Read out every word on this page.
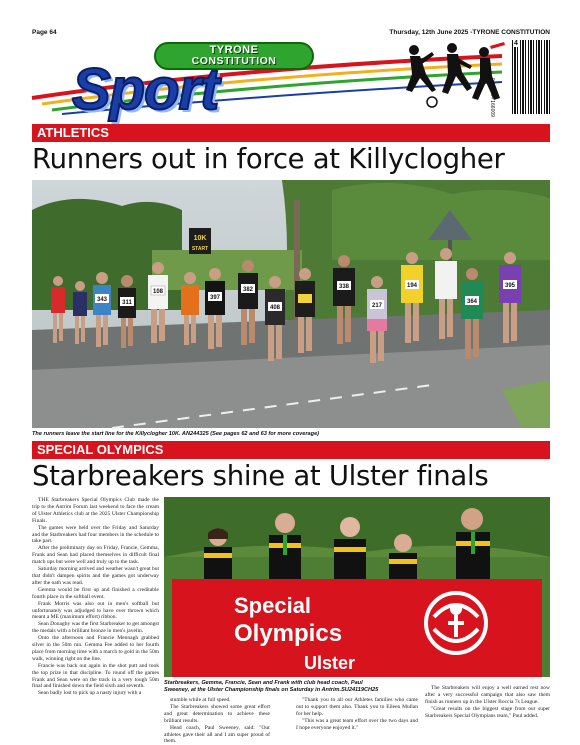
Page 64	Thursday, 12th June 2025 -TYRONE CONSTITUTION
TYRONE
CONSTITUTION
Sport
4
9 771364 166009
ATHLETICS
Runners out in force at Killyclogher
10K
START
343	311
108
397
382
408
338
217
194
364
395
The runners leave the start line for the Killyclogher 10K. AN244325 (See pages 62 and 63 for more coverage)
SPECIAL OLYMPICS
Starbreakers shine at Ulster finals

THE Starbreakers Special Olympics Club made the trip to the Antrim Forum last weekend to face the cream of Ulster Athletics club at the 2025 Ulster Championship Finals.

The games were held over the Friday and Saturday and the Starbreakers had four members in the schedule to take part.

After the preliminary day on Friday, Francie, Gemma, Frank and Sean had placed themselves in difficult final match ups but were well and truly up to the task.

Saturday morning arrived and weather wasn't great but that didn't dampen spirits and the games got underway after the oath was read.

Gemma would be first up and finished a creditable fourth place in the softball event.

Frank Morris was also out in men's softball but unfortunately was adjudged to have over thrown which meant a ME (maximum effort) ribbon.

Sean Donaghy was the first Starbreaker to get amongst the medals with a brilliant bronze in men's javelin.

Onto the afternoon and Francie Mennagh grabbed silver in the 50m run. Gemma Fee added to her fourth place from morning time with a march to gold in the 50m walk, winning right on the line.

Francie was back out again in the shot putt and took the top prize in that discipline. To round off the games Frank and Sean were on the track in a very tough 50m final and finished down the field sixth and seventh.

Sean badly lost to pick up a nasty injury with a

Special
Olympics
Ulster
Starbreakers, Gemma, Francie, Sean and Frank with club head coach, Paul Sweeney, at the Ulster Championship finals on Saturday in Antrim.SU24119CH25

stumble while at full speed.

The Starbreakers showed some great effort and great determination to achieve these brilliant results.

Head coach, Paul Sweeney, said: "Our athletes gave their all and I am super proud of them.

"Thank you to all our Athletes families who came out to support them also. Thank you to Eileen Mullan for her help.

"This was a great team effort over the two days and I hope everyone enjoyed it."

The Starbreakers will enjoy a well earned rest now after a very successful campaign that also saw them finish as runners up in the Ulster Boccia 7s League.

"Great results on the biggest stage from our super Starbreakers Special Olympians team," Paul added.
